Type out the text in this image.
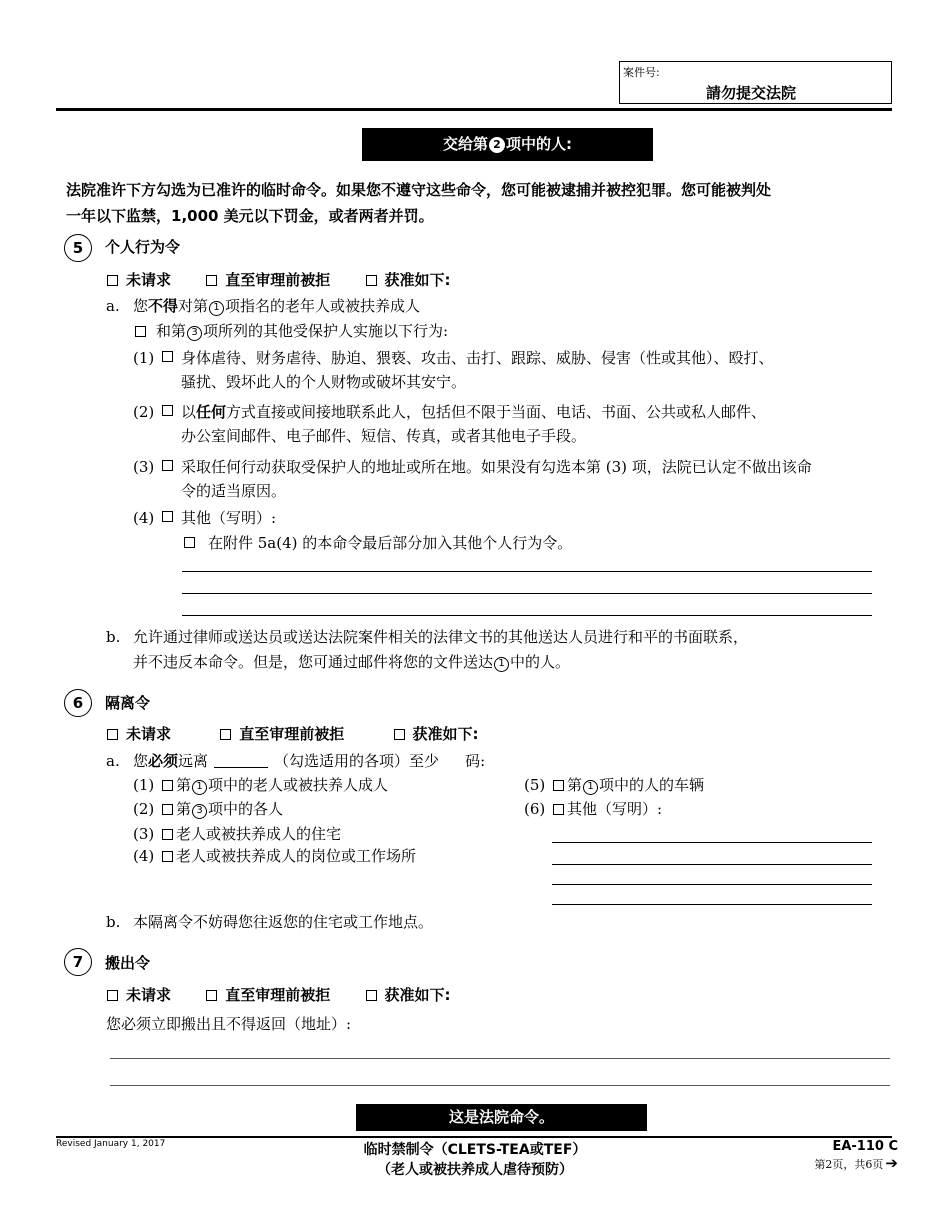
案件号:
請勿提交法院
交给第 2 项中的人:
法院准许下方勾选为已准许的临时命令。如果您不遵守这些命令，您可能被逮捕并被控犯罪。您可能被判处
一年以下监禁，1,000 美元以下罚金，或者两者并罚。
5 个人行为令
未请求	直至审理前被拒	获准如下:
a. 您不得对第 1 项指名的老年人或被扶养成人
和第 3 项所列的其他受保护人实施以下行为:
(1) 身体虐待、财务虐待、胁迫、猥亵、攻击、击打、跟踪、威胁、侵害（性或其他）、殴打、
骚扰、毁坏此人的个人财物或破坏其安宁。
(2) 以任何方式直接或间接地联系此人，包括但不限于当面、电话、书面、公共或私人邮件、
办公室间邮件、电子邮件、短信、传真，或者其他电子手段。
(3) 采取任何行动获取受保护人的地址或所在地。如果没有勾选本第 (3) 项，法院已认定不做出该命
令的适当原因。
(4) 其他（写明）:
在附件 5a(4) 的本命令最后部分加入其他个人行为令。
b. 允许通过律师或送达员或送达法院案件相关的法律文书的其他送达人员进行和平的书面联系，
并不违反本命令。但是，您可通过邮件将您的文件送达 1 中的人。
6 隔离令
未请求	直至审理前被拒	获准如下:
a. 您必须远离	（勾选适用的各项）至少 码:
(1) 第 1 项中的老人或被扶养人成人
(2) 第 3 项中的各人
(3) 老人或被扶养成人的住宅
(4) 老人或被扶养成人的岗位或工作场所
(5) 第 1 项中的人的车辆
(6) 其他（写明）:
b. 本隔离令不妨碍您往返您的住宅或工作地点。
7 搬出令
未请求	直至审理前被拒	获准如下:
您必须立即搬出且不得返回（地址）:
这是法院命令。
Revised January 1, 2017	临时禁制令（CLETS-TEA或TEF）
（老人或被扶养成人虐待预防）
EA-110 C
第2页，共6页 ➔
